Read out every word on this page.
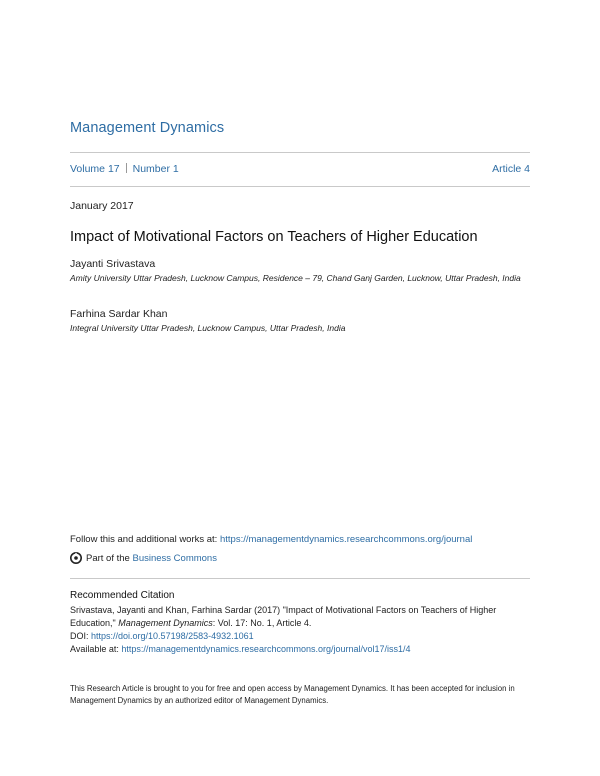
Management Dynamics
Volume 17 Number 1	Article 4
January 2017
Impact of Motivational Factors on Teachers of Higher Education
Jayanti Srivastava
Amity University Uttar Pradesh, Lucknow Campus, Residence – 79, Chand Ganj Garden, Lucknow, Uttar Pradesh, India
Farhina Sardar Khan
Integral University Uttar Pradesh, Lucknow Campus, Uttar Pradesh, India
Follow this and additional works at: https://managementdynamics.researchcommons.org/journal
Part of the
Business Commons
Recommended Citation
Srivastava, Jayanti and Khan, Farhina Sardar (2017) "Impact of Motivational Factors on Teachers of Higher Education," Management Dynamics: Vol. 17: No. 1, Article 4.
DOI: https://doi.org/10.57198/2583-4932.1061
Available at: https://managementdynamics.researchcommons.org/journal/vol17/iss1/4
This Research Article is brought to you for free and open access by Management Dynamics. It has been accepted for inclusion in Management Dynamics by an authorized editor of Management Dynamics.
